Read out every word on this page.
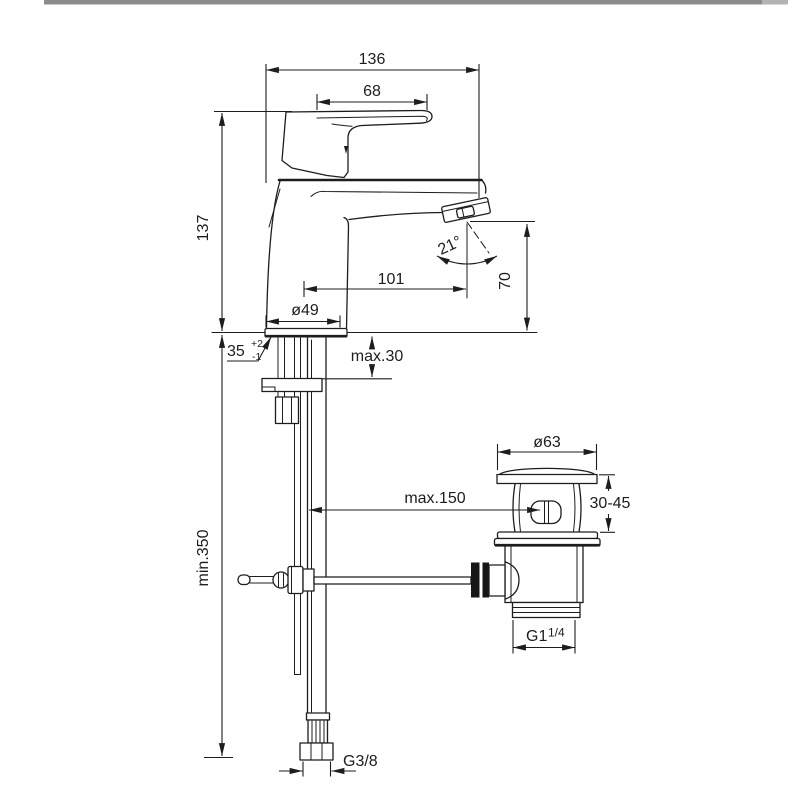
136
68
137
21°
101	70
ø49
35 +2
-1	max.30
min.350
G3/8
ø63
30-45
max.150
G1 1/4
